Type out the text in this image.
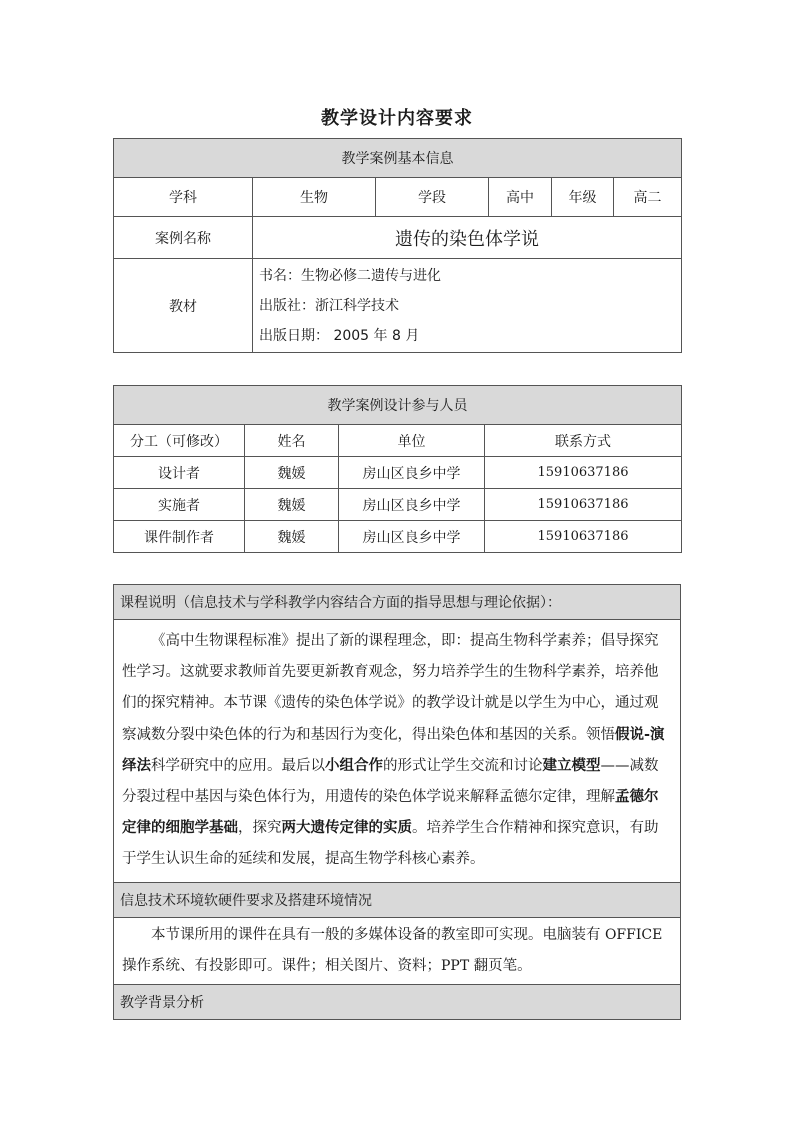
教学设计内容要求
教学案例基本信息					
学科	生物	学段	高中	年级	高二
案例名称	遗传的染色体学说				
教材	书名：生物必修二遗传与进化
出版社：浙江科学技术
出版日期： 2005 年 8 月				
教学案例设计参与人员			
分工（可修改）	姓名	单位	联系方式
设计者	魏媛	房山区良乡中学	15910637186
实施者	魏媛	房山区良乡中学	15910637186
课件制作者	魏媛	房山区良乡中学	15910637186
课程说明（信息技术与学科教学内容结合方面的指导思想与理论依据）：
《高中生物课程标准》提出了新的课程理念，即：提高生物科学素养；倡导探究性学习。这就要求教师首先要更新教育观念，努力培养学生的生物科学素养，培养他们的探究精神。本节课《遗传的染色体学说》的教学设计就是以学生为中心，通过观察减数分裂中染色体的行为和基因行为变化，得出染色体和基因的关系。领悟假说-演绎法科学研究中的应用。最后以小组合作的形式让学生交流和讨论建立模型——减数分裂过程中基因与染色体行为，用遗传的染色体学说来解释孟德尔定律，理解孟德尔定律的细胞学基础，探究两大遗传定律的实质。培养学生合作精神和探究意识，有助于学生认识生命的延续和发展，提高生物学科核心素养。
信息技术环境软硬件要求及搭建环境情况
本节课所用的课件在具有一般的多媒体设备的教室即可实现。电脑装有 OFFICE 操作系统、有投影即可。课件；相关图片、资料；PPT 翻页笔。
教学背景分析
